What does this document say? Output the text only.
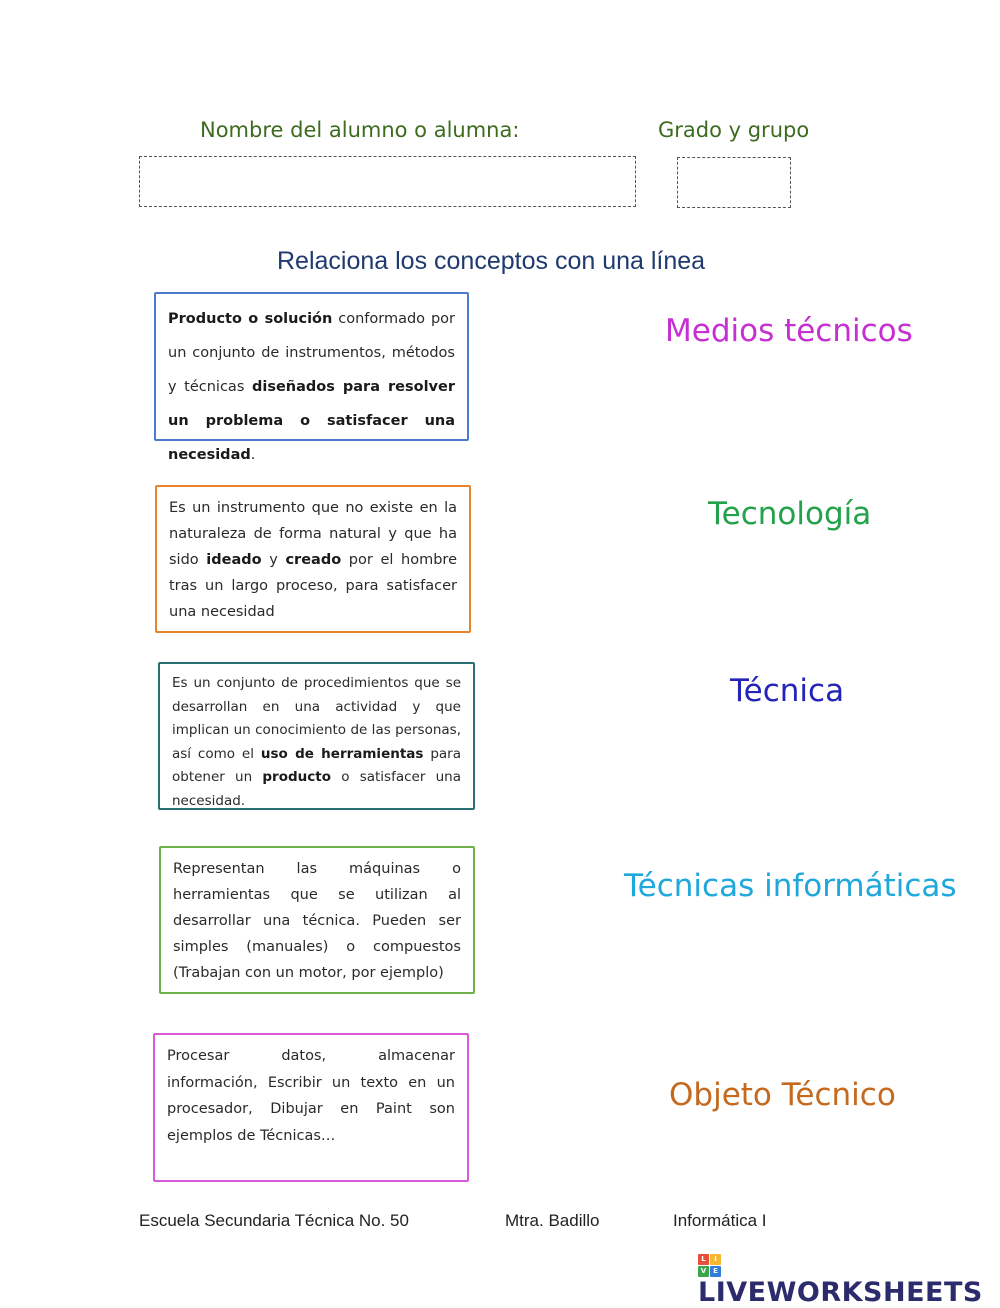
Nombre del alumno o alumna:	Grado y grupo
Relaciona los conceptos con una línea
Producto o solución conformado por un conjunto de instrumentos, métodos y técnicas diseñados para resolver un problema o satisfacer una necesidad.
Es un instrumento que no existe en la naturaleza de forma natural y que ha sido ideado y creado por el hombre tras un largo proceso, para satisfacer una necesidad
Es un conjunto de procedimientos que se desarrollan en una actividad y que implican un conocimiento de las personas, así como el uso de herramientas para obtener un producto o satisfacer una necesidad.
Representan las máquinas o herramientas que se utilizan al desarrollar una técnica. Pueden ser simples (manuales) o compuestos (Trabajan con un motor, por ejemplo)
Procesar datos, almacenar información, Escribir un texto en un procesador, Dibujar en Paint son ejemplos de Técnicas…
Medios técnicos
Tecnología
Técnica
Técnicas informáticas
Objeto Técnico
Escuela Secundaria Técnica No. 50	Mtra. Badillo	Informática I
L	I
V E
LIVEWORKSHEETS
